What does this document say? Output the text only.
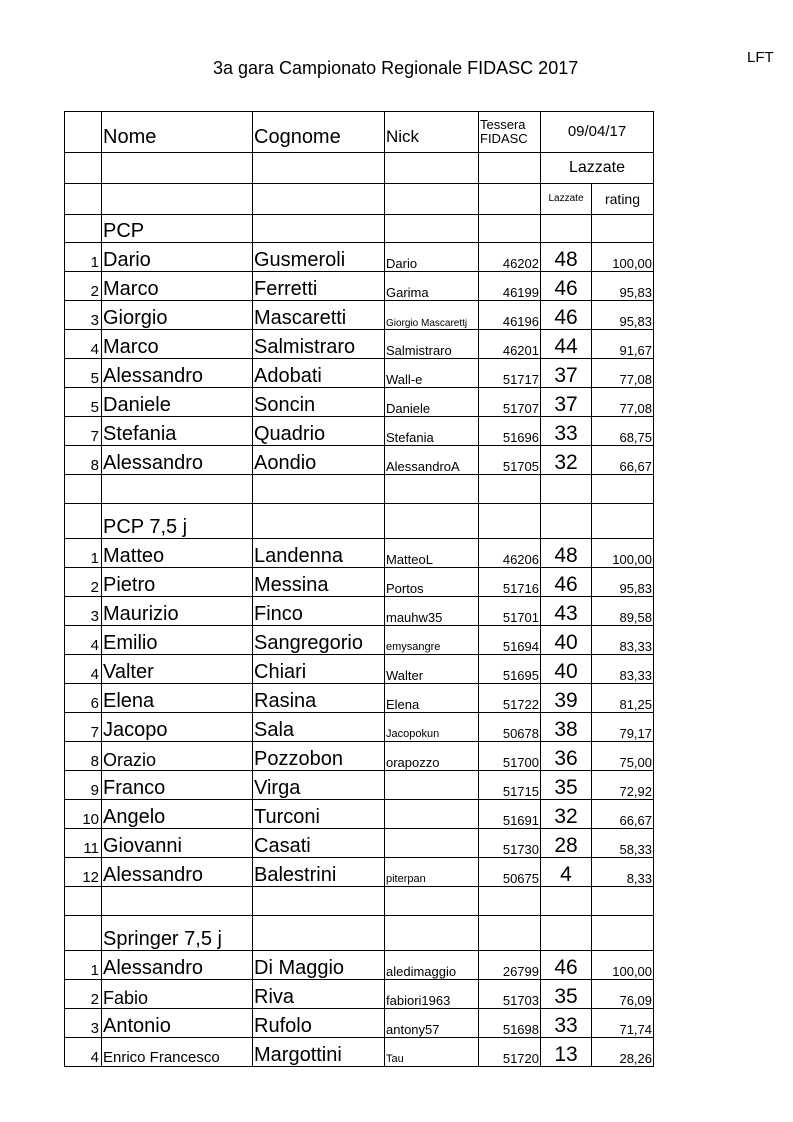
3a gara Campionato Regionale FIDASC 2017
LFT
	Nome	Cognome	Nick	Tessera FIDASC	09/04/17	
					Lazzate	
					Lazzate	rating
	PCP					
1	Dario	Gusmeroli	Dario	46202	48	100,00
2	Marco	Ferretti	Garima	46199	46	95,83
3	Giorgio	Mascaretti	Giorgio Mascarettj	46196	46	95,83
4	Marco	Salmistraro	Salmistraro	46201	44	91,67
5	Alessandro	Adobati	Wall-e	51717	37	77,08
5	Daniele	Soncin	Daniele	51707	37	77,08
7	Stefania	Quadrio	Stefania	51696	33	68,75
8	Alessandro	Aondio	AlessandroA	51705	32	66,67

	PCP 7,5 j					
1	Matteo	Landenna	MatteoL	46206	48	100,00
2	Pietro	Messina	Portos	51716	46	95,83
3	Maurizio	Finco	mauhw35	51701	43	89,58
4	Emilio	Sangregorio	emysangre	51694	40	83,33
4	Valter	Chiari	Walter	51695	40	83,33
6	Elena	Rasina	Elena	51722	39	81,25
7	Jacopo	Sala	Jacopokun	50678	38	79,17
8	Orazio	Pozzobon	orapozzo	51700	36	75,00
9	Franco	Virga		51715	35	72,92
10	Angelo	Turconi		51691	32	66,67
11	Giovanni	Casati		51730	28	58,33
12	Alessandro	Balestrini	piterpan	50675	4	8,33

	Springer 7,5 j					
1	Alessandro	Di Maggio	aledimaggio	26799	46	100,00
2	Fabio	Riva	fabiori1963	51703	35	76,09
3	Antonio	Rufolo	antony57	51698	33	71,74
4	Enrico Francesco	Margottini	Tau	51720	13	28,26
